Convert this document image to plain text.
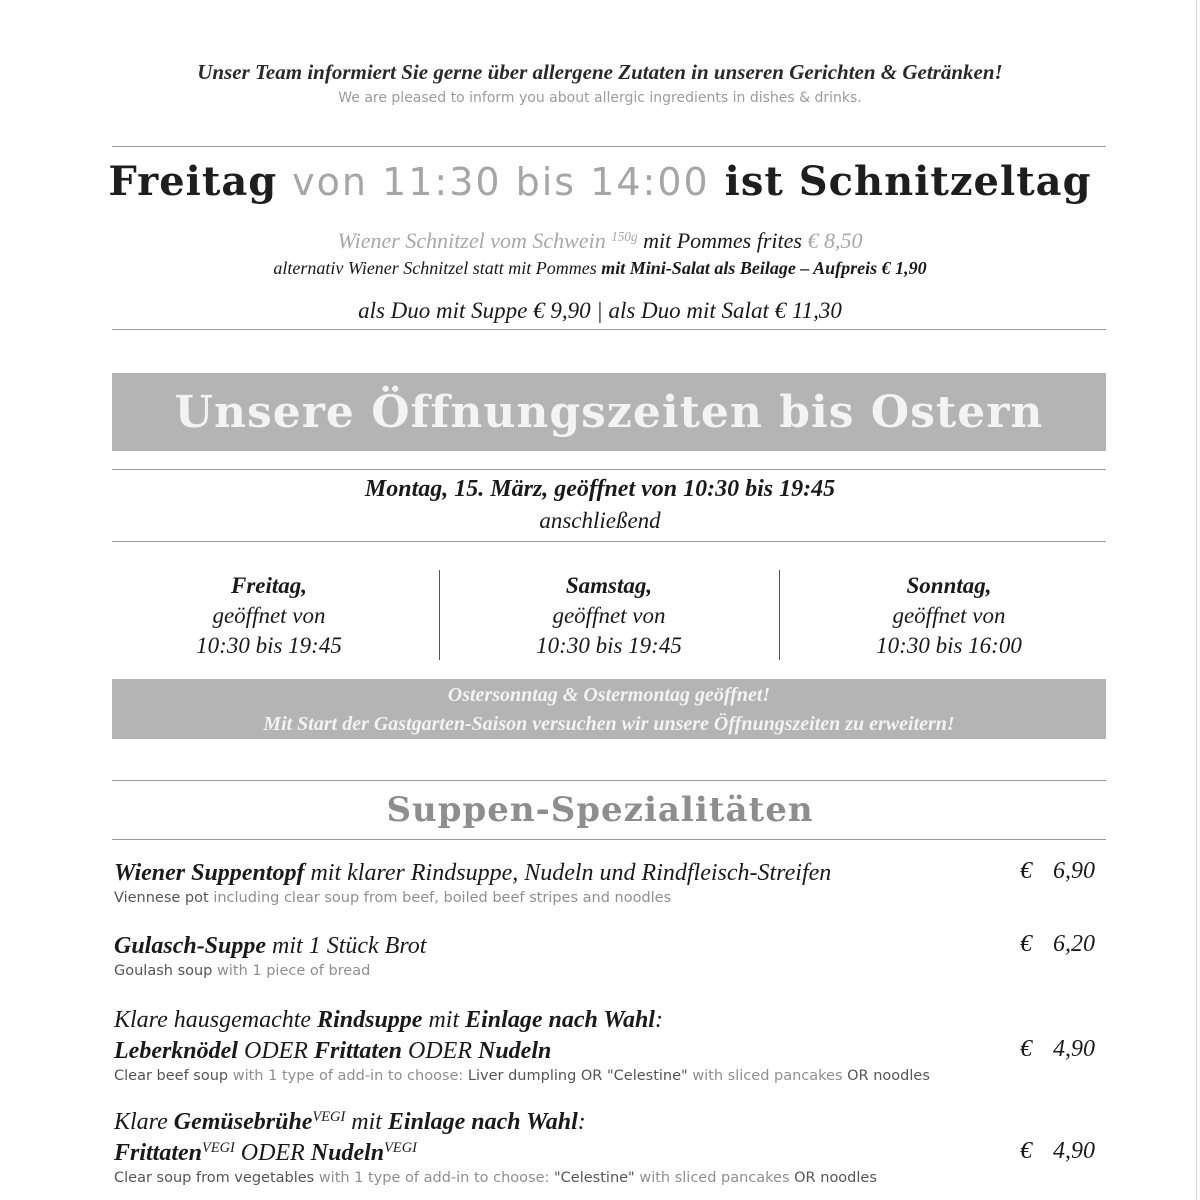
Unser Team informiert Sie gerne über allergene Zutaten in unseren Gerichten & Getränken!
We are pleased to inform you about allergic ingredients in dishes & drinks.
Freitag von 11:30 bis 14:00 ist Schnitzeltag
Wiener Schnitzel vom Schwein $^{150g}$ mit Pommes frites € 8,50
alternativ Wiener Schnitzel statt mit Pommes mit Mini-Salat als Beilage – Aufpreis € 1,90
als Duo mit Suppe € 9,90 | als Duo mit Salat € 11,30
Unsere Öffnungszeiten bis Ostern
Montag, 15. März, geöffnet von 10:30 bis 19:45
anschließend
Freitag,
geöffnet von
10:30 bis 19:45
Samstag,
geöffnet von
10:30 bis 19:45
Sonntag,
geöffnet von
10:30 bis 16:00
Ostersonntag & Ostermontag geöffnet!
Mit Start der Gastgarten-Saison versuchen wir unsere Öffnungszeiten zu erweitern!
Suppen-Spezialitäten
Wiener Suppentopf mit klarer Rindsuppe, Nudeln und Rindfleisch-Streifen
Viennese pot including clear soup from beef, boiled beef stripes and noodles
€ 6,90
Gulasch-Suppe mit 1 Stück Brot
Goulash soup with 1 piece of bread
€ 6,20
Klare hausgemachte Rindsuppe mit Einlage nach Wahl:
Leberknödel ODER Frittaten ODER Nudeln
Clear beef soup with 1 type of add-in to choose: Liver dumpling OR "Celestine" with sliced pancakes OR noodles
€ 4,90
Klare Gemüsebrühe$^{VEGI}$ mit Einlage nach Wahl:
Frittaten$^{VEGI}$ ODER Nudeln$^{VEGI}$
Clear soup from vegetables with 1 type of add-in to choose: "Celestine" with sliced pancakes OR noodles
€ 4,90
